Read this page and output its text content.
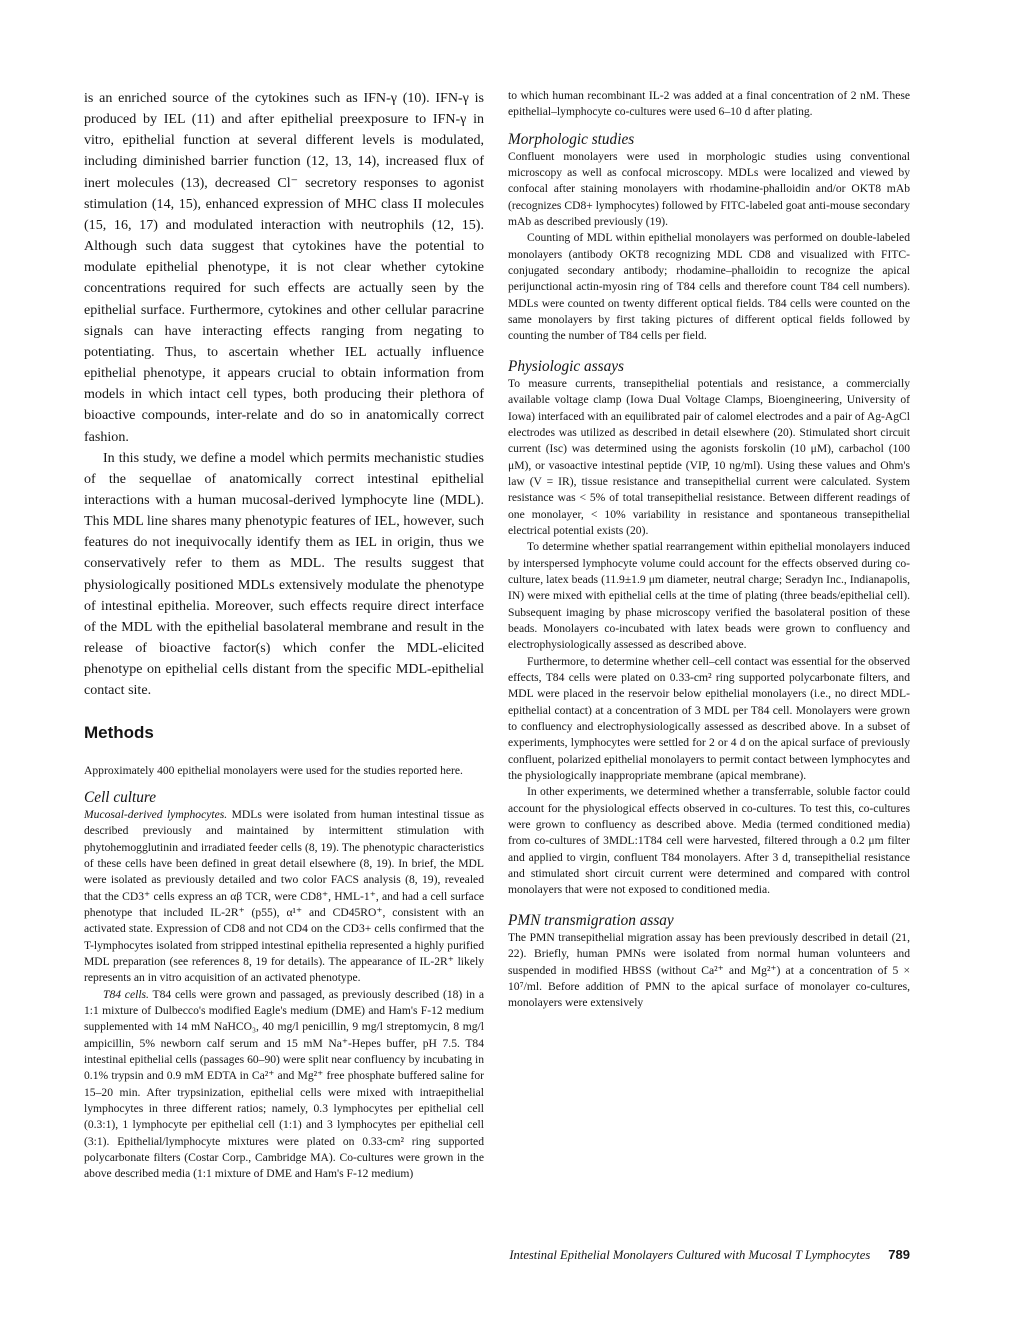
is an enriched source of the cytokines such as IFN-γ (10). IFN-γ is produced by IEL (11) and after epithelial preexposure to IFN-γ in vitro, epithelial function at several different levels is modulated, including diminished barrier function (12, 13, 14), increased flux of inert molecules (13), decreased Cl⁻ secretory responses to agonist stimulation (14, 15), enhanced expression of MHC class II molecules (15, 16, 17) and modulated interaction with neutrophils (12, 15). Although such data suggest that cytokines have the potential to modulate epithelial phenotype, it is not clear whether cytokine concentrations required for such effects are actually seen by the epithelial surface. Furthermore, cytokines and other cellular paracrine signals can have interacting effects ranging from negating to potentiating. Thus, to ascertain whether IEL actually influence epithelial phenotype, it appears crucial to obtain information from models in which intact cell types, both producing their plethora of bioactive compounds, inter-relate and do so in anatomically correct fashion.

In this study, we define a model which permits mechanistic studies of the sequellae of anatomically correct intestinal epithelial interactions with a human mucosal-derived lymphocyte line (MDL). This MDL line shares many phenotypic features of IEL, however, such features do not inequivocally identify them as IEL in origin, thus we conservatively refer to them as MDL. The results suggest that physiologically positioned MDLs extensively modulate the phenotype of intestinal epithelia. Moreover, such effects require direct interface of the MDL with the epithelial basolateral membrane and result in the release of bioactive factor(s) which confer the MDL-elicited phenotype on epithelial cells distant from the specific MDL-epithelial contact site.

Methods

Approximately 400 epithelial monolayers were used for the studies reported here.

Cell culture

Mucosal-derived lymphocytes. MDLs were isolated from human intestinal tissue as described previously and maintained by intermittent stimulation with phytohemogglutinin and irradiated feeder cells (8, 19). The phenotypic characteristics of these cells have been defined in great detail elsewhere (8, 19). In brief, the MDL were isolated as previously detailed and two color FACS analysis (8, 19), revealed that the CD3⁺ cells express an αβ TCR, were CD8⁺, HML-1⁺, and had a cell surface phenotype that included IL-2R⁺ (p55), α¹⁺ and CD45RO⁺, consistent with an activated state. Expression of CD8 and not CD4 on the CD3+ cells confirmed that the T-lymphocytes isolated from stripped intestinal epithelia represented a highly purified MDL preparation (see references 8, 19 for details). The appearance of IL-2R⁺ likely represents an in vitro acquisition of an activated phenotype.

T84 cells. T84 cells were grown and passaged, as previously described (18) in a 1:1 mixture of Dulbecco's modified Eagle's medium (DME) and Ham's F-12 medium supplemented with 14 mM NaHCO₃, 40 mg/l penicillin, 9 mg/l streptomycin, 8 mg/l ampicillin, 5% newborn calf serum and 15 mM Na⁺-Hepes buffer, pH 7.5. T84 intestinal epithelial cells (passages 60–90) were split near confluency by incubating in 0.1% trypsin and 0.9 mM EDTA in Ca²⁺ and Mg²⁺ free phosphate buffered saline for 15–20 min. After trypsinization, epithelial cells were mixed with intraepithelial lymphocytes in three different ratios; namely, 0.3 lymphocytes per epithelial cell (0.3:1), 1 lymphocyte per epithelial cell (1:1) and 3 lymphocytes per epithelial cell (3:1). Epithelial/lymphocyte mixtures were plated on 0.33-cm² ring supported polycarbonate filters (Costar Corp., Cambridge MA). Co-cultures were grown in the above described media (1:1 mixture of DME and Ham's F-12 medium)

to which human recombinant IL-2 was added at a final concentration of 2 nM. These epithelial–lymphocyte co-cultures were used 6–10 d after plating.

Morphologic studies

Confluent monolayers were used in morphologic studies using conventional microscopy as well as confocal microscopy. MDLs were localized and viewed by confocal after staining monolayers with rhodamine-phalloidin and/or OKT8 mAb (recognizes CD8+ lymphocytes) followed by FITC-labeled goat anti-mouse secondary mAb as described previously (19).

Counting of MDL within epithelial monolayers was performed on double-labeled monolayers (antibody OKT8 recognizing MDL CD8 and visualized with FITC-conjugated secondary antibody; rhodamine–phalloidin to recognize the apical perijunctional actin-myosin ring of T84 cells and therefore count T84 cell numbers). MDLs were counted on twenty different optical fields. T84 cells were counted on the same monolayers by first taking pictures of different optical fields followed by counting the number of T84 cells per field.

Physiologic assays

To measure currents, transepithelial potentials and resistance, a commercially available voltage clamp (Iowa Dual Voltage Clamps, Bioengineering, University of Iowa) interfaced with an equilibrated pair of calomel electrodes and a pair of Ag-AgCl electrodes was utilized as described in detail elsewhere (20). Stimulated short circuit current (Isc) was determined using the agonists forskolin (10 μM), carbachol (100 μM), or vasoactive intestinal peptide (VIP, 10 ng/ml). Using these values and Ohm's law (V = IR), tissue resistance and transepithelial current were calculated. System resistance was < 5% of total transepithelial resistance. Between different readings of one monolayer, < 10% variability in resistance and spontaneous transepithelial electrical potential exists (20).

To determine whether spatial rearrangement within epithelial monolayers induced by interspersed lymphocyte volume could account for the effects observed during co-culture, latex beads (11.9±1.9 μm diameter, neutral charge; Seradyn Inc., Indianapolis, IN) were mixed with epithelial cells at the time of plating (three beads/epithelial cell). Subsequent imaging by phase microscopy verified the basolateral position of these beads. Monolayers co-incubated with latex beads were grown to confluency and electrophysiologically assessed as described above.

Furthermore, to determine whether cell–cell contact was essential for the observed effects, T84 cells were plated on 0.33-cm² ring supported polycarbonate filters, and MDL were placed in the reservoir below epithelial monolayers (i.e., no direct MDL-epithelial contact) at a concentration of 3 MDL per T84 cell. Monolayers were grown to confluency and electrophysiologically assessed as described above. In a subset of experiments, lymphocytes were settled for 2 or 4 d on the apical surface of previously confluent, polarized epithelial monolayers to permit contact between lymphocytes and the physiologically inappropriate membrane (apical membrane).

In other experiments, we determined whether a transferrable, soluble factor could account for the physiological effects observed in co-cultures. To test this, co-cultures were grown to confluency as described above. Media (termed conditioned media) from co-cultures of 3MDL:1T84 cell were harvested, filtered through a 0.2 μm filter and applied to virgin, confluent T84 monolayers. After 3 d, transepithelial resistance and stimulated short circuit current were determined and compared with control monolayers that were not exposed to conditioned media.

PMN transmigration assay

The PMN transepithelial migration assay has been previously described in detail (21, 22). Briefly, human PMNs were isolated from normal human volunteers and suspended in modified HBSS (without Ca²⁺ and Mg²⁺) at a concentration of 5 × 10⁷/ml. Before addition of PMN to the apical surface of monolayer co-cultures, monolayers were extensively

Intestinal Epithelial Monolayers Cultured with Mucosal T Lymphocytes 789
